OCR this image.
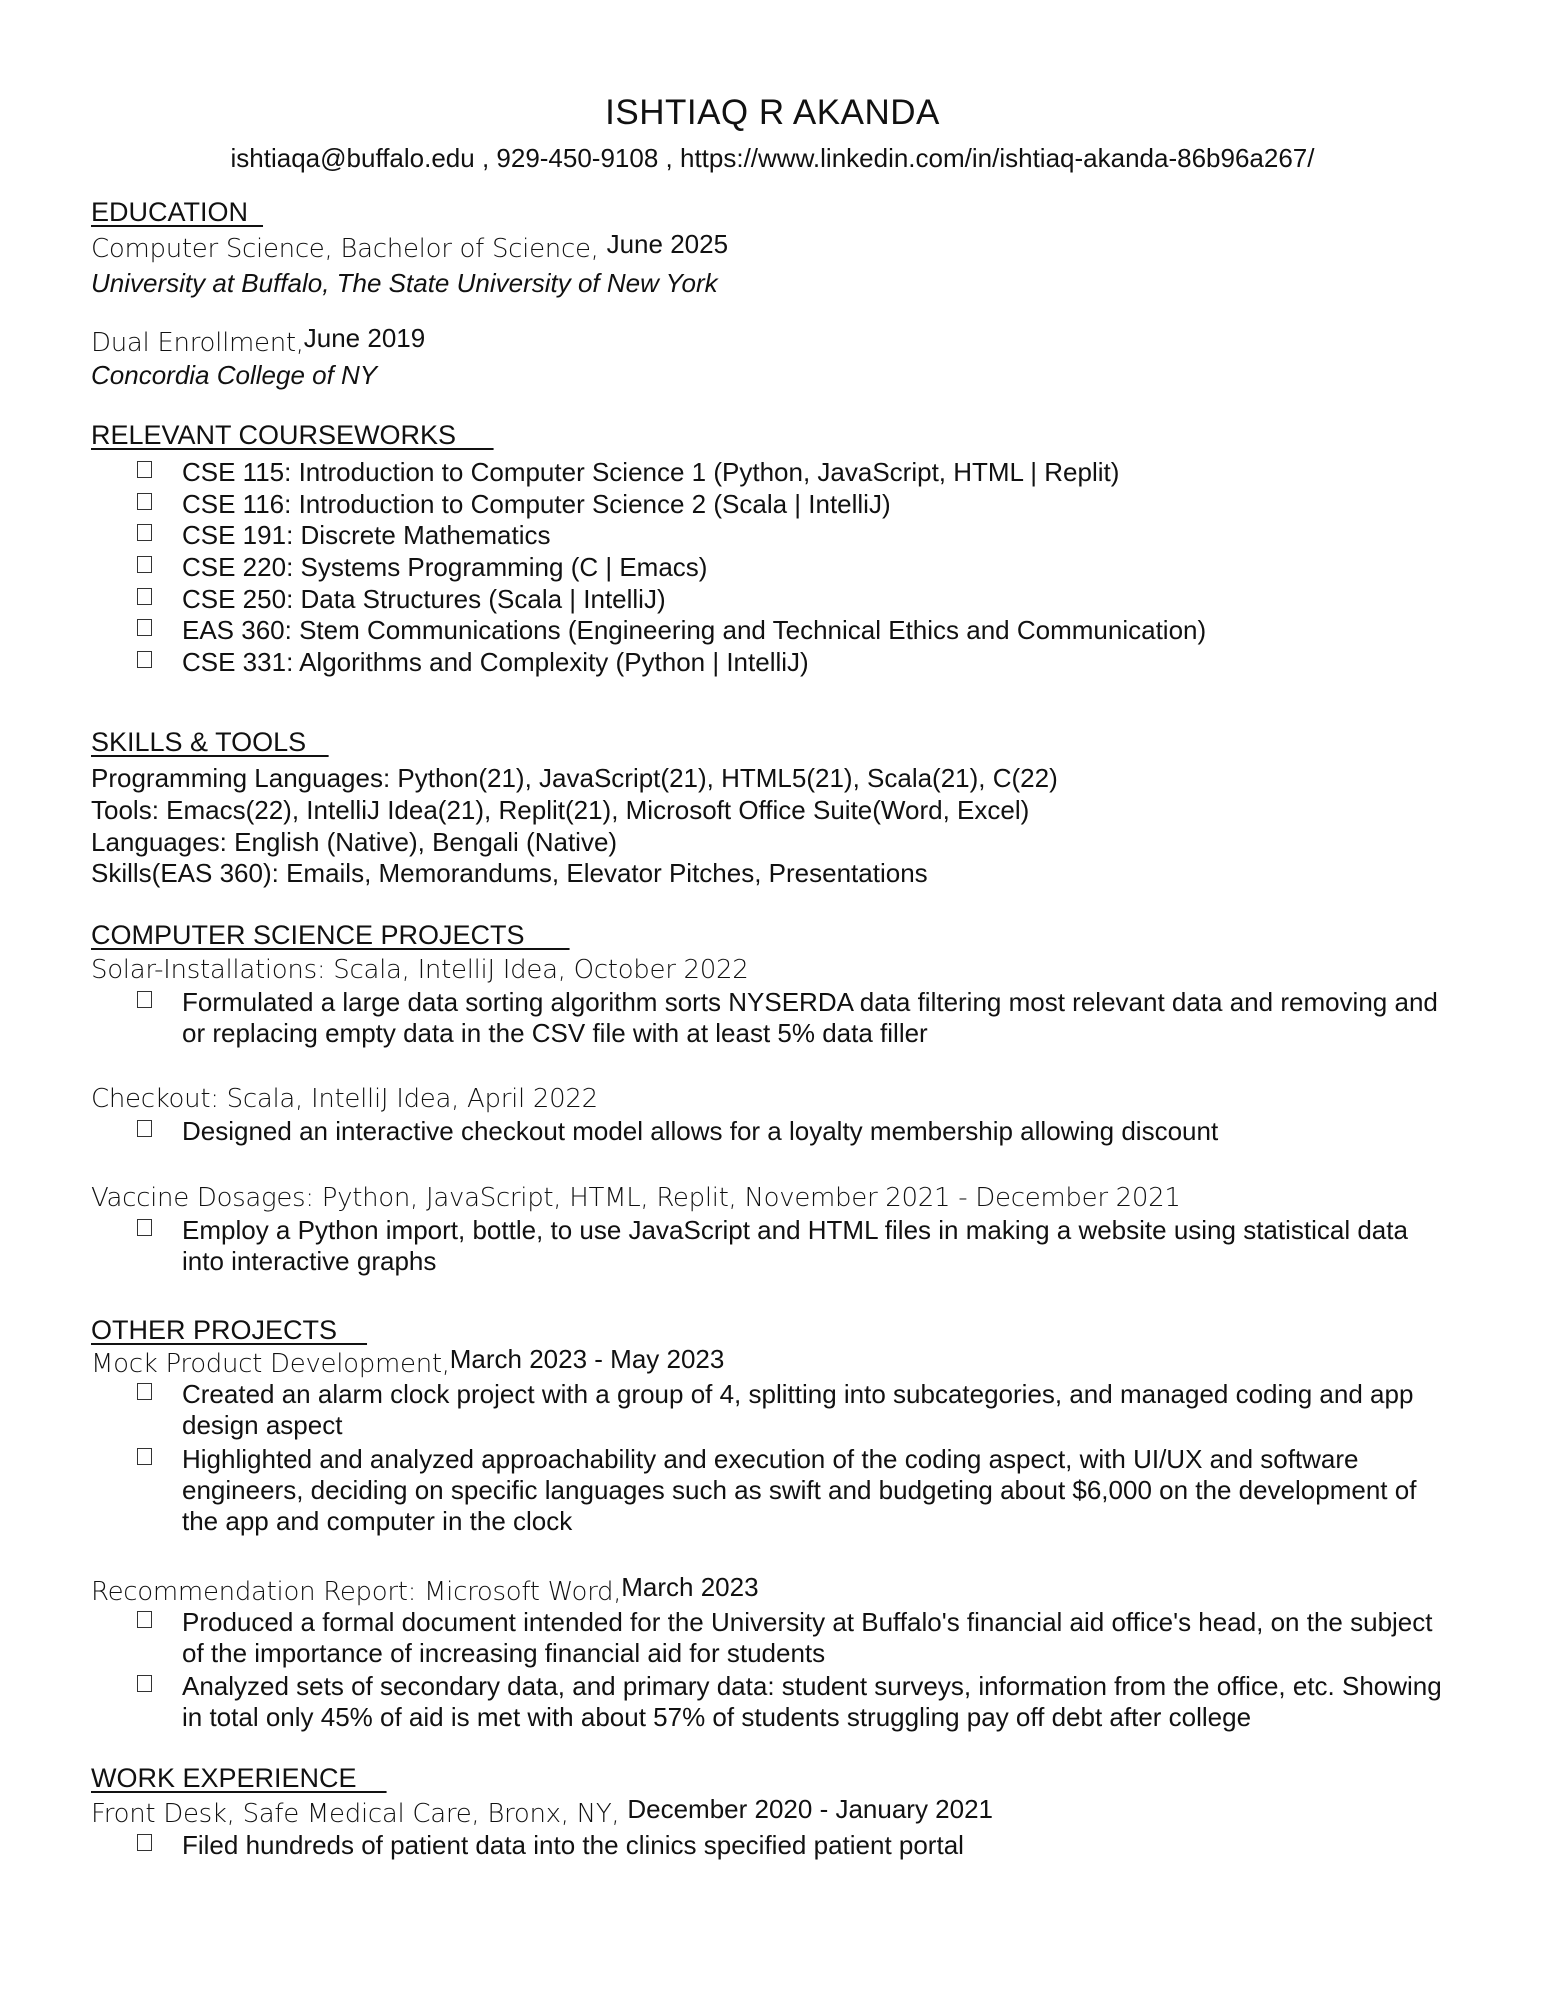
ISHTIAQ R AKANDA
ishtiaqa@buffalo.edu , 929-450-9108 , https://www.linkedin.com/in/ishtiaq-akanda-86b96a267/
EDUCATION
Computer Science, Bachelor of Science, June 2025
University at Buffalo, The State University of New York
Dual Enrollment,June 2019
Concordia College of NY
RELEVANT COURSEWORKS
CSE 115: Introduction to Computer Science 1 (Python, JavaScript, HTML | Replit)
CSE 116: Introduction to Computer Science 2 (Scala | IntelliJ)
CSE 191: Discrete Mathematics
CSE 220: Systems Programming (C | Emacs)
CSE 250: Data Structures (Scala | IntelliJ)
EAS 360: Stem Communications (Engineering and Technical Ethics and Communication)
CSE 331: Algorithms and Complexity (Python | IntelliJ)
SKILLS & TOOLS
Programming Languages: Python(21), JavaScript(21), HTML5(21), Scala(21), C(22)
Tools: Emacs(22), IntelliJ Idea(21), Replit(21), Microsoft Office Suite(Word, Excel)
Languages: English (Native), Bengali (Native)
Skills(EAS 360): Emails, Memorandums, Elevator Pitches, Presentations
COMPUTER SCIENCE PROJECTS
Solar-Installations: Scala, IntelliJ Idea, October 2022
Formulated a large data sorting algorithm sorts NYSERDA data filtering most relevant data and removing and or replacing empty data in the CSV file with at least 5% data filler
Checkout: Scala, IntelliJ Idea, April 2022
Designed an interactive checkout model allows for a loyalty membership allowing discount
Vaccine Dosages: Python, JavaScript, HTML, Replit, November 2021 - December 2021
Employ a Python import, bottle, to use JavaScript and HTML files in making a website using statistical data into interactive graphs
OTHER PROJECTS
Mock Product Development,March 2023 - May 2023
Created an alarm clock project with a group of 4, splitting into subcategories, and managed coding and app design aspect
Highlighted and analyzed approachability and execution of the coding aspect, with UI/UX and software engineers, deciding on specific languages such as swift and budgeting about $6,000 on the development of the app and computer in the clock
Recommendation Report: Microsoft Word,March 2023
Produced a formal document intended for the University at Buffalo's financial aid office's head, on the subject of the importance of increasing financial aid for students
Analyzed sets of secondary data, and primary data: student surveys, information from the office, etc. Showing in total only 45% of aid is met with about 57% of students struggling pay off debt after college
WORK EXPERIENCE
Front Desk, Safe Medical Care, Bronx, NY, December 2020 - January 2021
Filed hundreds of patient data into the clinics specified patient portal
